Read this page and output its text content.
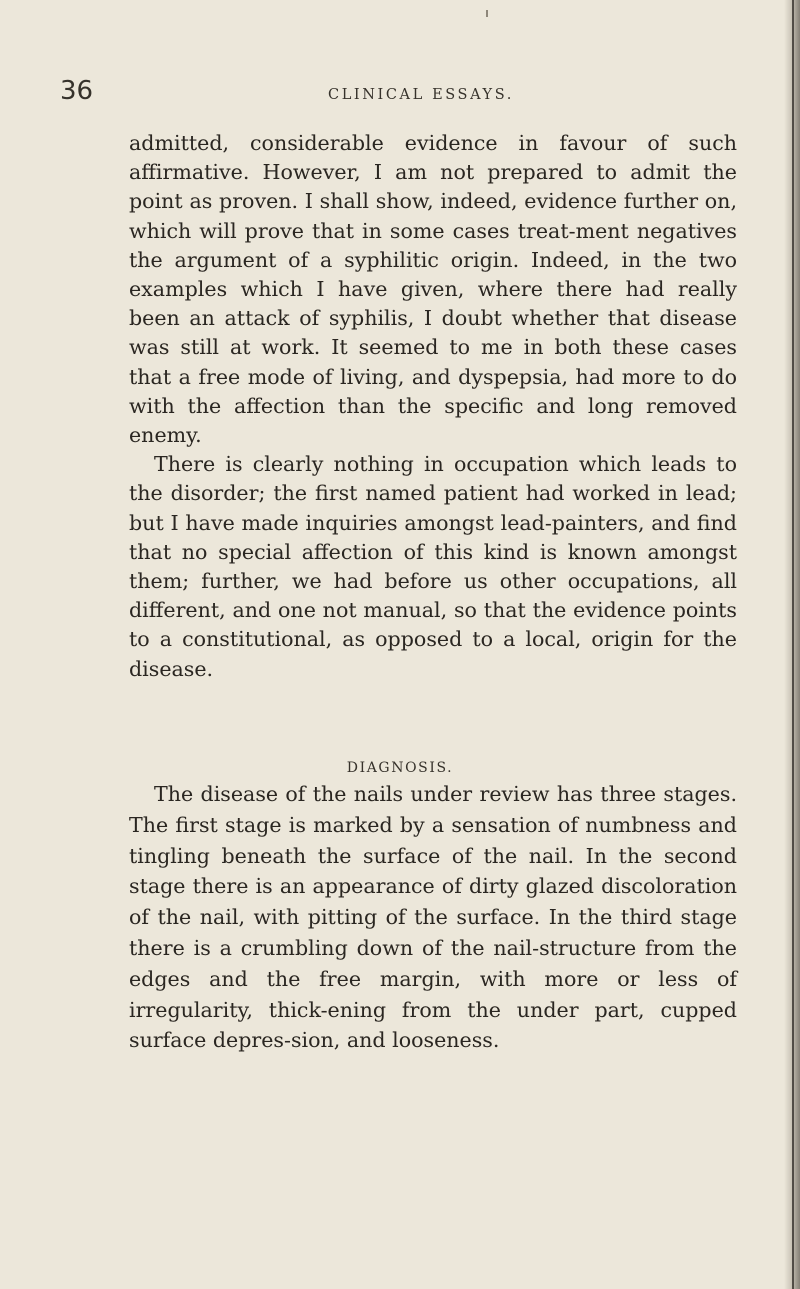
36	CLINICAL ESSAYS.

admitted, considerable evidence in favour of such affirmative. However, I am not prepared to admit the point as proven. I shall show, indeed, evidence further on, which will prove that in some cases treat-ment negatives the argument of a syphilitic origin. Indeed, in the two examples which I have given, where there had really been an attack of syphilis, I doubt whether that disease was still at work. It seemed to me in both these cases that a free mode of living, and dyspepsia, had more to do with the affection than the specific and long removed enemy.

There is clearly nothing in occupation which leads to the disorder; the first named patient had worked in lead; but I have made inquiries amongst lead-painters, and find that no special affection of this kind is known amongst them; further, we had before us other occupations, all different, and one not manual, so that the evidence points to a constitutional, as opposed to a local, origin for the disease.

DIAGNOSIS.

The disease of the nails under review has three stages. The first stage is marked by a sensation of numbness and tingling beneath the surface of the nail. In the second stage there is an appearance of dirty glazed discoloration of the nail, with pitting of the surface. In the third stage there is a crumbling down of the nail-structure from the edges and the free margin, with more or less of irregularity, thick-ening from the under part, cupped surface depres-sion, and looseness.
